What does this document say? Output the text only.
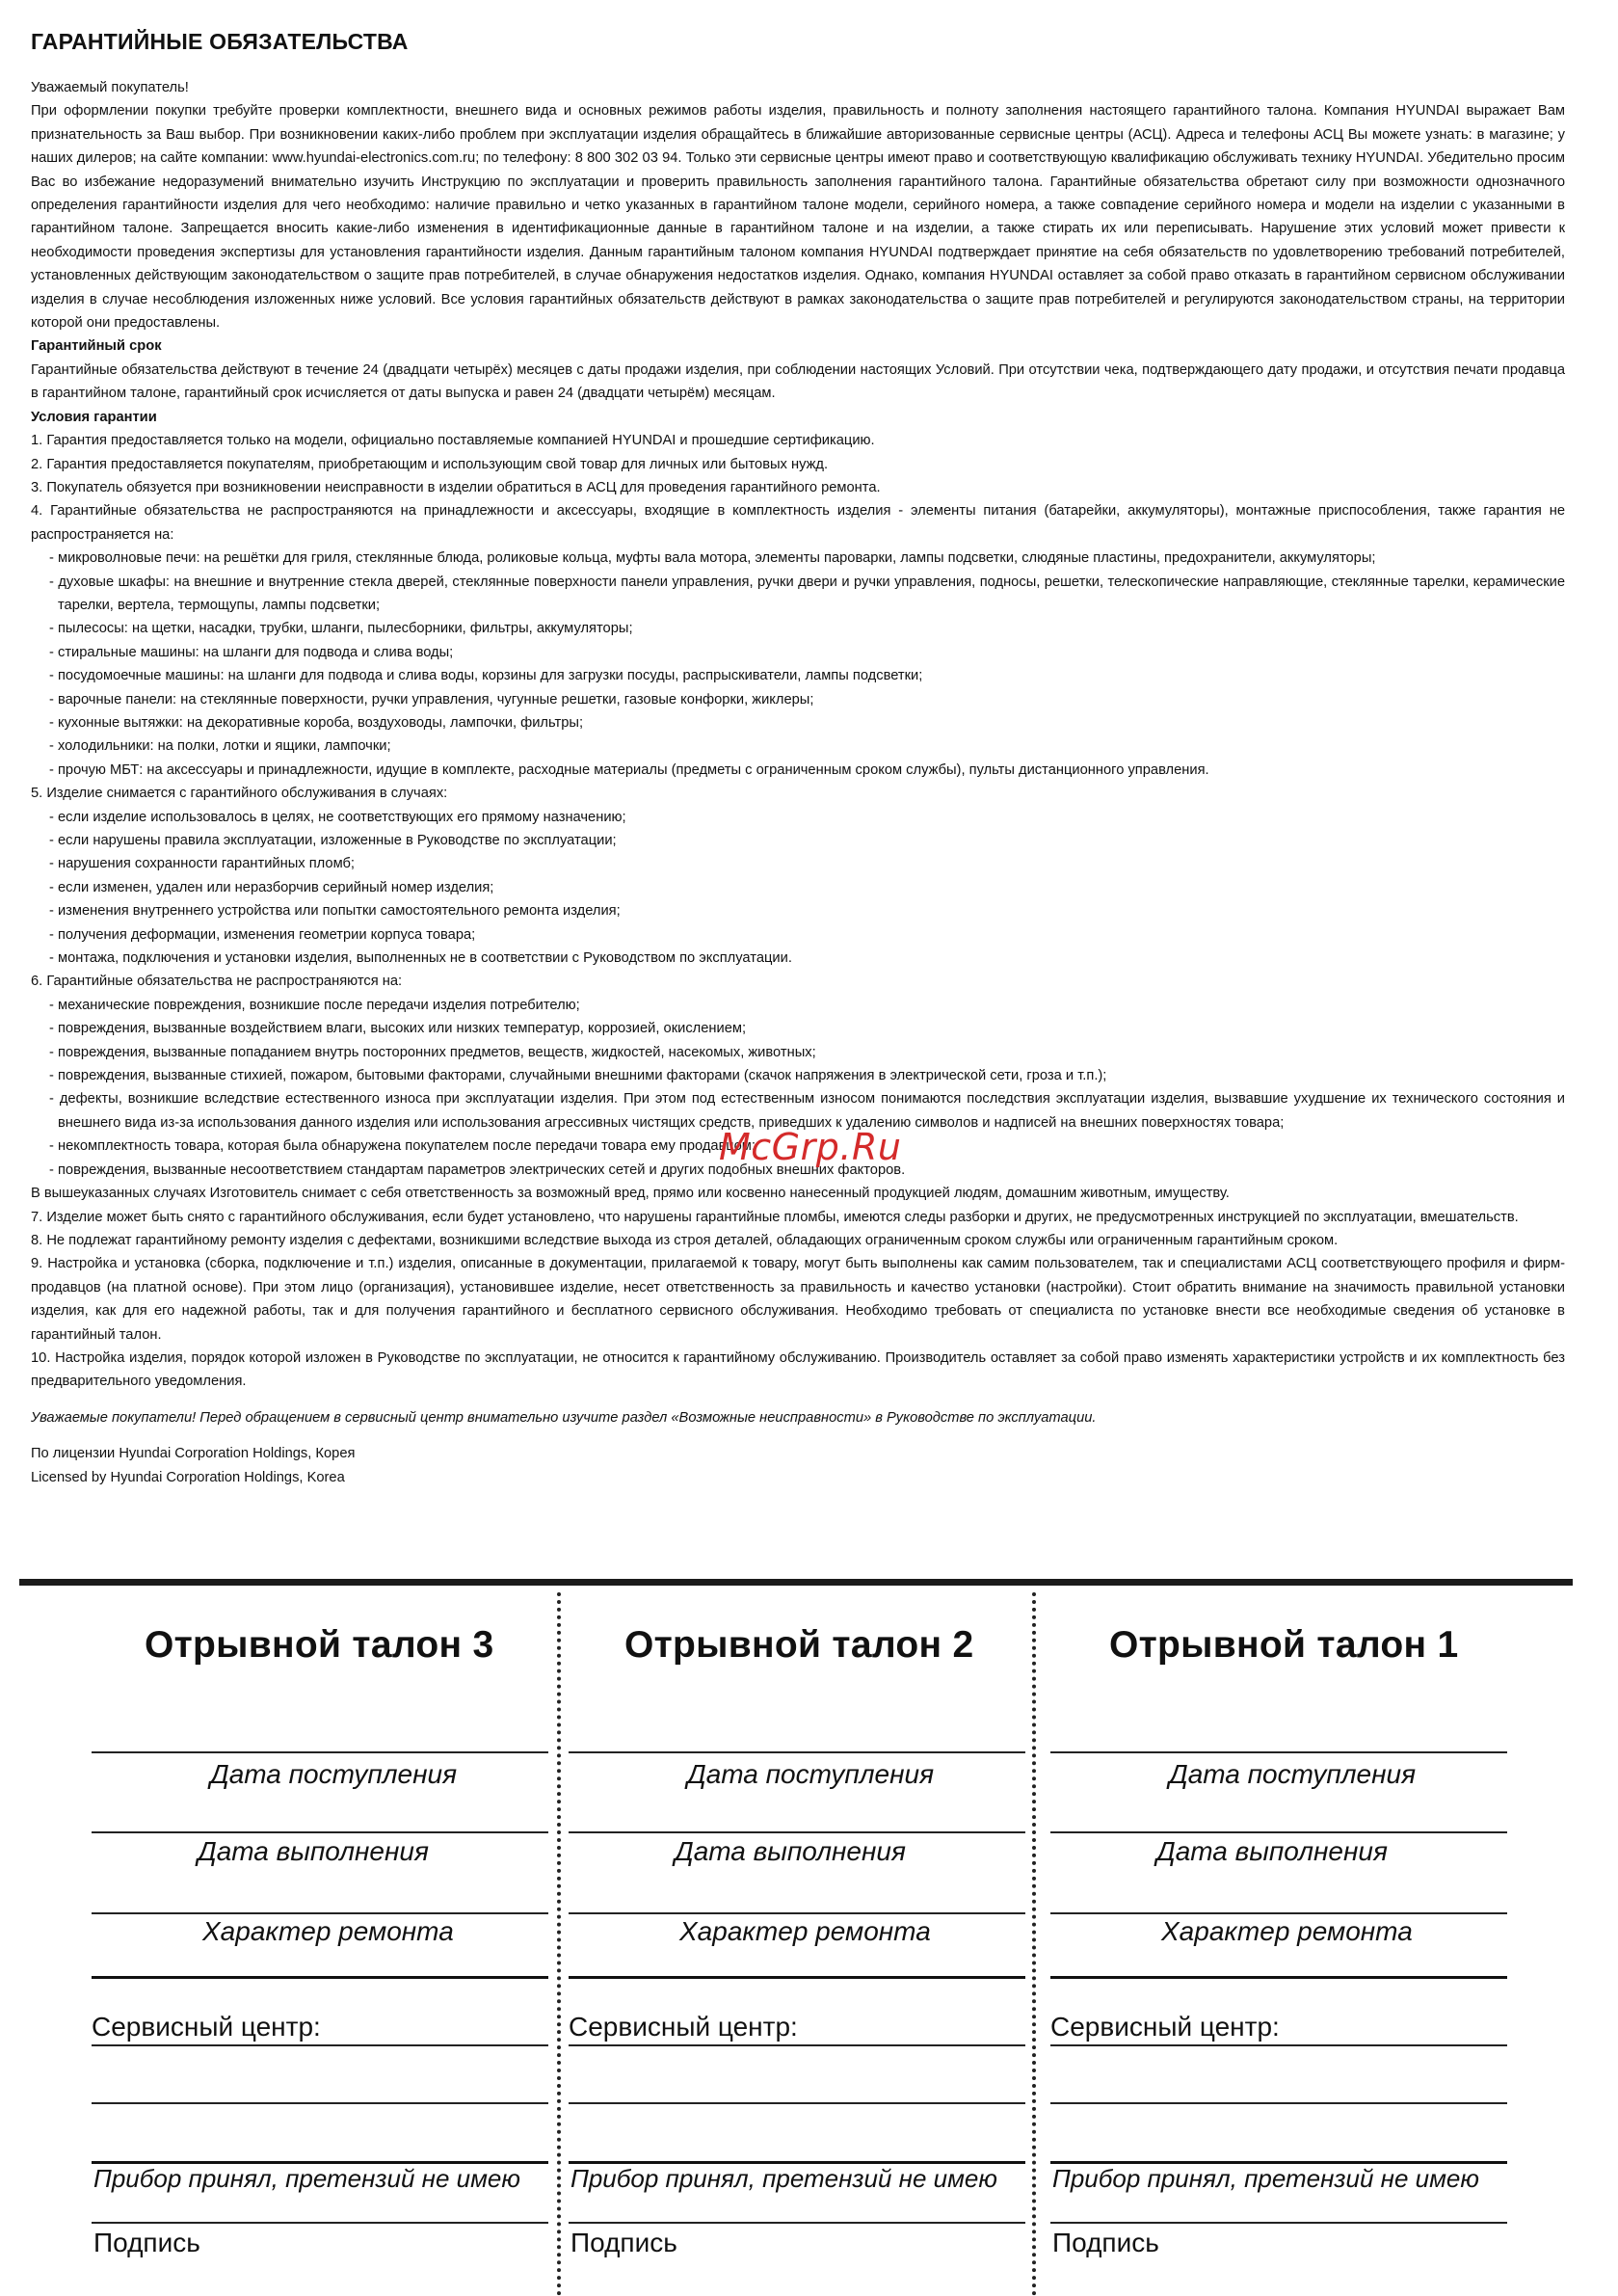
ГАРАНТИЙНЫЕ ОБЯЗАТЕЛЬСТВА
Уважаемый покупатель!
При оформлении покупки требуйте проверки комплектности, внешнего вида и основных режимов работы изделия, правильность и полноту заполнения настоящего гарантийного талона. Компания HYUNDAI выражает Вам признательность за Ваш выбор. При возникновении каких-либо проблем при эксплуатации изделия обращайтесь в ближайшие авторизованные сервисные центры (АСЦ). Адреса и телефоны АСЦ Вы можете узнать: в магазине; у наших дилеров; на сайте компании: www.hyundai-electronics.com.ru; по телефону: 8 800 302 03 94. Только эти сервисные центры имеют право и соответствующую квалификацию обслуживать технику HYUNDAI. Убедительно просим Вас во избежание недоразумений внимательно изучить Инструкцию по эксплуатации и проверить правильность заполнения гарантийного талона. Гарантийные обязательства обретают силу при возможности однозначного определения гарантийности изделия для чего необходимо: наличие правильно и четко указанных в гарантийном талоне модели, серийного номера, а также совпадение серийного номера и модели на изделии с указанными в гарантийном талоне. Запрещается вносить какие-либо изменения в идентификационные данные в гарантийном талоне и на изделии, а также стирать их или переписывать. Нарушение этих условий может привести к необходимости проведения экспертизы для установления гарантийности изделия. Данным гарантийным талоном компания HYUNDAI подтверждает принятие на себя обязательств по удовлетворению требований потребителей, установленных действующим законодательством о защите прав потребителей, в случае обнаружения недостатков изделия. Однако, компания HYUNDAI оставляет за собой право отказать в гарантийном сервисном обслуживании изделия в случае несоблюдения изложенных ниже условий. Все условия гарантийных обязательств действуют в рамках законодательства о защите прав потребителей и регулируются законодательством страны, на территории которой они предоставлены.
Гарантийный срок
Гарантийные обязательства действуют в течение 24 (двадцати четырёх) месяцев с даты продажи изделия, при соблюдении настоящих Условий. При отсутствии чека, подтверждающего дату продажи, и отсутствия печати продавца в гарантийном талоне, гарантийный срок исчисляется от даты выпуска и равен 24 (двадцати четырём) месяцам.
Условия гарантии
1. Гарантия предоставляется только на модели, официально поставляемые компанией HYUNDAI и прошедшие сертификацию.
2. Гарантия предоставляется покупателям, приобретающим и использующим свой товар для личных или бытовых нужд.
3. Покупатель обязуется при возникновении неисправности в изделии обратиться в АСЦ для проведения гарантийного ремонта.
4. Гарантийные обязательства не распространяются на принадлежности и аксессуары, входящие в комплектность изделия - элементы питания (батарейки, аккумуляторы), монтажные приспособления, также гарантия не распространяется на:
- микроволновые печи: на решётки для гриля, стеклянные блюда, роликовые кольца, муфты вала мотора, элементы пароварки, лампы подсветки, слюдяные пластины, предохранители, аккумуляторы;
- духовые шкафы: на внешние и внутренние стекла дверей, стеклянные поверхности панели управления, ручки двери и ручки управления, подносы, решетки, телескопические направляющие, стеклянные тарелки, керамические тарелки, вертела, термощупы, лампы подсветки;
- пылесосы: на щетки, насадки, трубки, шланги, пылесборники, фильтры, аккумуляторы;
- стиральные машины: на шланги для подвода и слива воды;
- посудомоечные машины: на шланги для подвода и слива воды, корзины для загрузки посуды, распрыскиватели, лампы подсветки;
- варочные панели: на стеклянные поверхности, ручки управления, чугунные решетки, газовые конфорки, жиклеры;
- кухонные вытяжки: на декоративные короба, воздуховоды, лампочки, фильтры;
- холодильники: на полки, лотки и ящики, лампочки;
- прочую МБТ: на аксессуары и принадлежности, идущие в комплекте, расходные материалы (предметы с ограниченным сроком службы), пульты дистанционного управления.
5. Изделие снимается с гарантийного обслуживания в случаях:
- если изделие использовалось в целях, не соответствующих его прямому назначению;
- если нарушены правила эксплуатации, изложенные в Руководстве по эксплуатации;
- нарушения сохранности гарантийных пломб;
- если изменен, удален или неразборчив серийный номер изделия;
- изменения внутреннего устройства или попытки самостоятельного ремонта изделия;
- получения деформации, изменения геометрии корпуса товара;
- монтажа, подключения и установки изделия, выполненных не в соответствии с Руководством по эксплуатации.
6. Гарантийные обязательства не распространяются на:
- механические повреждения, возникшие после передачи изделия потребителю;
- повреждения, вызванные воздействием влаги, высоких или низких температур, коррозией, окислением;
- повреждения, вызванные попаданием внутрь посторонних предметов, веществ, жидкостей, насекомых, животных;
- повреждения, вызванные стихией, пожаром, бытовыми факторами, случайными внешними факторами (скачок напряжения в электрической сети, гроза и т.п.);
- дефекты, возникшие вследствие естественного износа при эксплуатации изделия. При этом под естественным износом понимаются последствия эксплуатации изделия, вызвавшие ухудшение их технического состояния и внешнего вида из-за использования данного изделия или использования агрессивных чистящих средств, приведших к удалению символов и надписей на внешних поверхностях товара;
- некомплектность товара, которая была обнаружена покупателем после передачи товара ему продавцом;
- повреждения, вызванные несоответствием стандартам параметров электрических сетей и других подобных внешних факторов.
В вышеуказанных случаях Изготовитель снимает с себя ответственность за возможный вред, прямо или косвенно нанесенный продукцией людям, домашним животным, имуществу.
7. Изделие может быть снято с гарантийного обслуживания, если будет установлено, что нарушены гарантийные пломбы, имеются следы разборки и других, не предусмотренных инструкцией по эксплуатации, вмешательств.
8. Не подлежат гарантийному ремонту изделия с дефектами, возникшими вследствие выхода из строя деталей, обладающих ограниченным сроком службы или ограниченным гарантийным сроком.
9. Настройка и установка (сборка, подключение и т.п.) изделия, описанные в документации, прилагаемой к товару, могут быть выполнены как самим пользователем, так и специалистами АСЦ соответствующего профиля и фирм-продавцов (на платной основе). При этом лицо (организация), установившее изделие, несет ответственность за правильность и качество установки (настройки). Стоит обратить внимание на значимость правильной установки изделия, как для его надежной работы, так и для получения гарантийного и бесплатного сервисного обслуживания. Необходимо требовать от специалиста по установке внести все необходимые сведения об установке в гарантийный талон.
10. Настройка изделия, порядок которой изложен в Руководстве по эксплуатации, не относится к гарантийному обслуживанию. Производитель оставляет за собой право изменять характеристики устройств и их комплектность без предварительного уведомления.
Уважаемые покупатели! Перед обращением в сервисный центр внимательно изучите раздел «Возможные неисправности» в Руководстве по эксплуатации.
По лицензии Hyundai Corporation Holdings, Корея
Licensed by Hyundai Corporation Holdings, Korea
McGrp.Ru
Отрывной талон 3
Дата поступления
Дата выполнения
Характер ремонта
Сервисный центр:
Прибор принял, претензий не имею
Подпись
Отрывной талон 2
Дата поступления
Дата выполнения
Характер ремонта
Сервисный центр:
Прибор принял, претензий не имею
Подпись
Отрывной талон 1
Дата поступления
Дата выполнения
Характер ремонта
Сервисный центр:
Прибор принял, претензий не имею
Подпись
